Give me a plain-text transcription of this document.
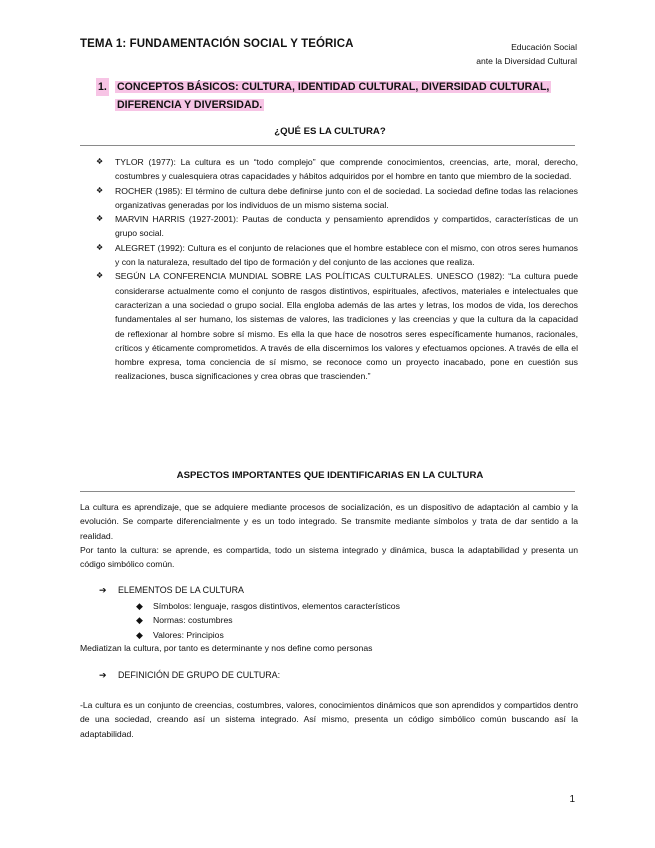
TEMA 1: FUNDAMENTACIÓN SOCIAL Y TEÓRICA	Educación Social
ante la Diversidad Cultural
1. CONCEPTOS BÁSICOS: CULTURA, IDENTIDAD CULTURAL, DIVERSIDAD CULTURAL,
DIFERENCIA Y DIVERSIDAD.
¿QUÉ ES LA CULTURA?
❖ TYLOR (1977): La cultura es un “todo complejo” que comprende conocimientos, creencias, arte, moral, derecho, costumbres y cualesquiera otras capacidades y hábitos adquiridos por el hombre en tanto que miembro de la sociedad.
❖ ROCHER (1985): El término de cultura debe definirse junto con el de sociedad. La sociedad define todas las relaciones organizativas generadas por los individuos de un mismo sistema social.
❖ MARVIN HARRIS (1927-2001): Pautas de conducta y pensamiento aprendidos y compartidos, características de un grupo social.
❖ ALEGRET (1992): Cultura es el conjunto de relaciones que el hombre establece con el mismo, con otros seres humanos y con la naturaleza, resultado del tipo de formación y del conjunto de las acciones que realiza.
❖ SEGÚN LA CONFERENCIA MUNDIAL SOBRE LAS POLÍTICAS CULTURALES. UNESCO (1982): “La cultura puede considerarse actualmente como el conjunto de rasgos distintivos, espirituales, afectivos, materiales e intelectuales que caracterizan a una sociedad o grupo social. Ella engloba además de las artes y letras, los modos de vida, los derechos fundamentales al ser humano, los sistemas de valores, las tradiciones y las creencias y que la cultura da la capacidad de reflexionar al hombre sobre sí mismo. Es ella la que hace de nosotros seres específicamente humanos, racionales, críticos y éticamente comprometidos. A través de ella discernimos los valores y efectuamos opciones. A través de ella el hombre expresa, toma conciencia de sí mismo, se reconoce como un proyecto inacabado, pone en cuestión sus realizaciones, busca significaciones y crea obras que trascienden.”
ASPECTOS IMPORTANTES QUE IDENTIFICARIAS EN LA CULTURA

La cultura es aprendizaje, que se adquiere mediante procesos de socialización, es un dispositivo de adaptación al cambio y la evolución. Se comparte diferencialmente y es un todo integrado. Se transmite mediante símbolos y trata de dar sentido a la realidad.

Por tanto la cultura: se aprende, es compartida, todo un sistema integrado y dinámica, busca la adaptabilidad y presenta un código simbólico común.

➔ ELEMENTOS DE LA CULTURA
◆ Símbolos: lenguaje, rasgos distintivos, elementos característicos
◆ Normas: costumbres
◆ Valores: Principios
Mediatizan la cultura, por tanto es determinante y nos define como personas
➔ DEFINICIÓN DE GRUPO DE CULTURA:
-La cultura es un conjunto de creencias, costumbres, valores, conocimientos dinámicos que son aprendidos y compartidos dentro de una sociedad, creando así un sistema integrado. Así mismo, presenta un código simbólico común buscando así la adaptabilidad.
1
